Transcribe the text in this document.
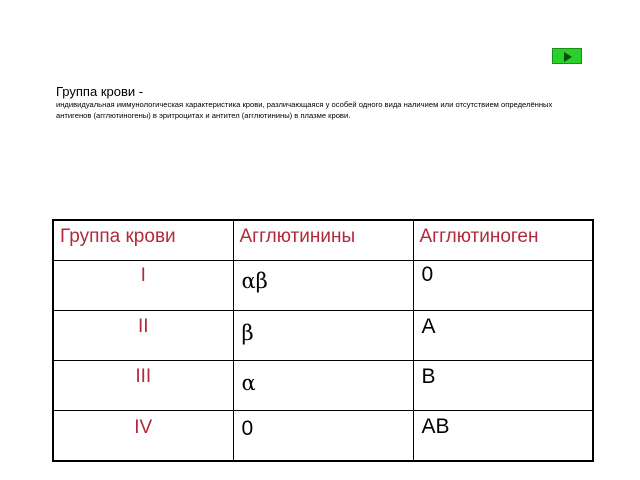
Группа крови -

индивидуальная иммунологическая характеристика крови, различающаяся у особей одного вида наличием или отсутствием определённых антигенов (агглютиногены) в эритроцитах и антител (агглютинины) в плазме крови.

Группа крови	Агглютинины	Агглютиноген

I	αβ	0

II	β	А

III	α	В

IV	0	АВ
